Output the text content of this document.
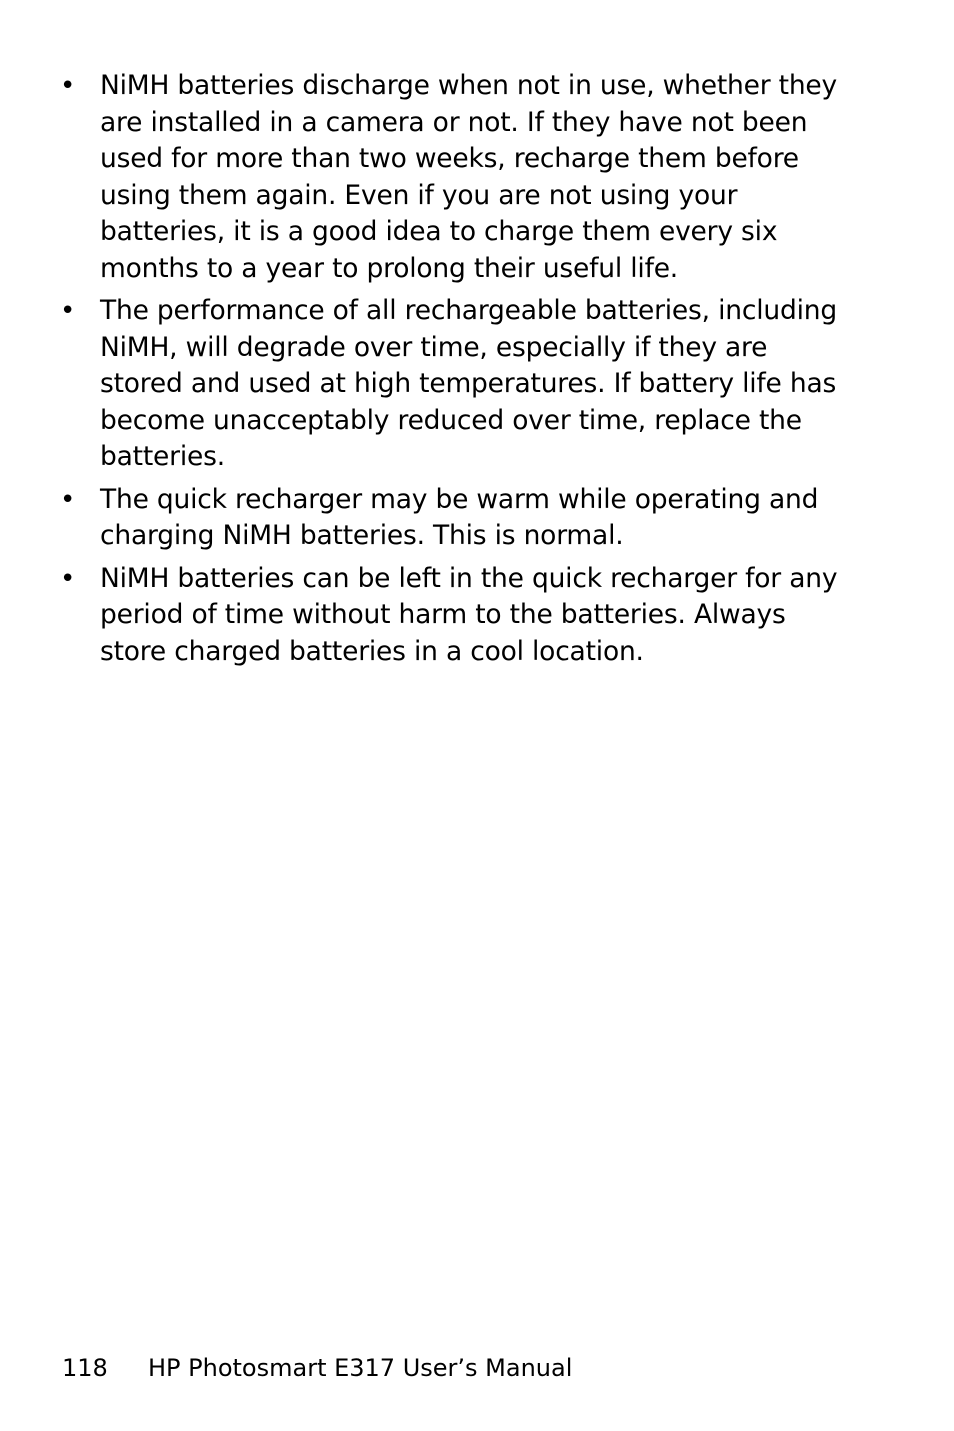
• NiMH batteries discharge when not in use, whether they are installed in a camera or not. If they have not been used for more than two weeks, recharge them before using them again. Even if you are not using your batteries, it is a good idea to charge them every six months to a year to prolong their useful life.
• The performance of all rechargeable batteries, including NiMH, will degrade over time, especially if they are stored and used at high temperatures. If battery life has become unacceptably reduced over time, replace the batteries.
• The quick recharger may be warm while operating and charging NiMH batteries. This is normal.
• NiMH batteries can be left in the quick recharger for any period of time without harm to the batteries. Always store charged batteries in a cool location.
118 HP Photosmart E317 User’s Manual
